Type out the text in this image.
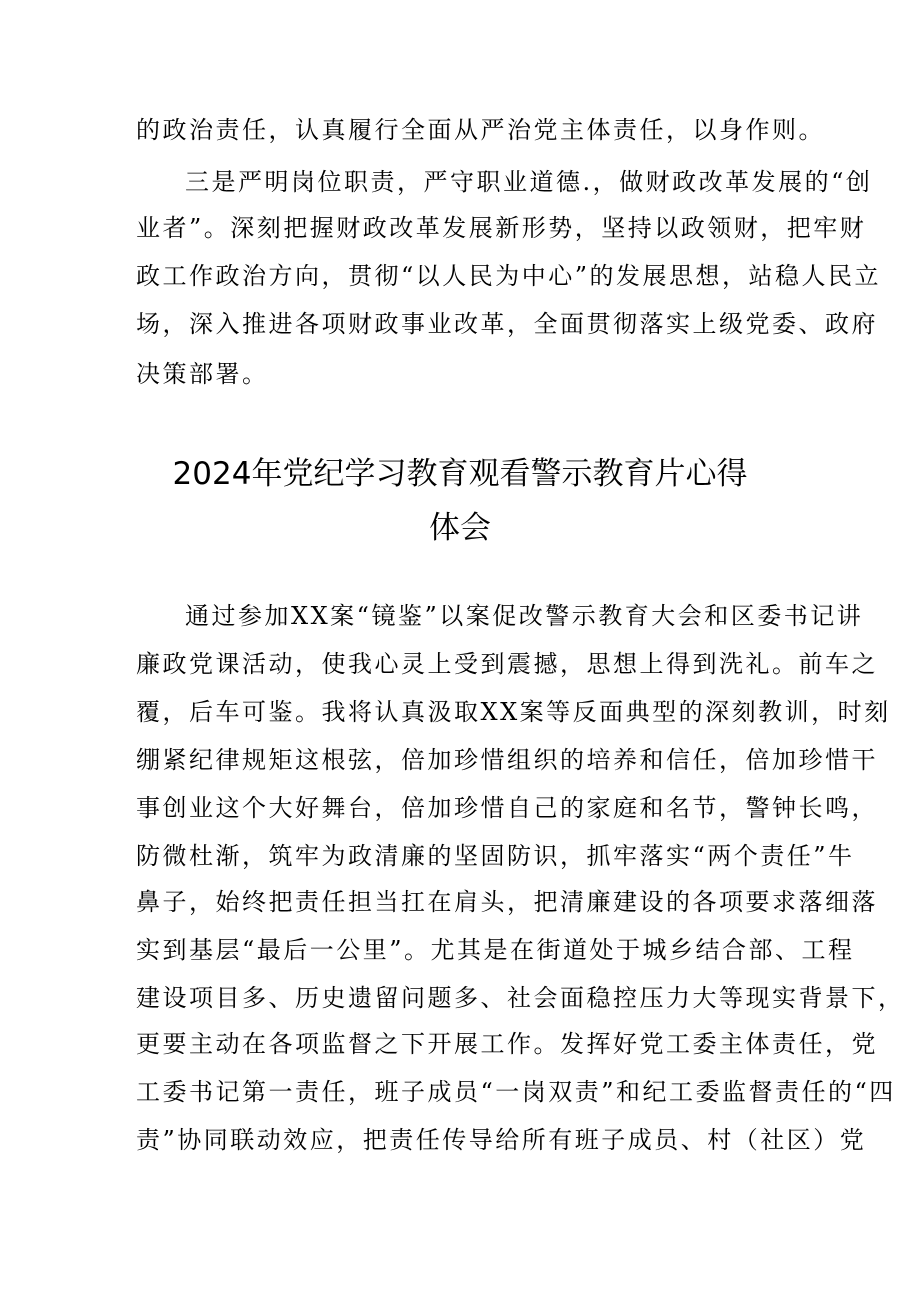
的政治责任，认真履行全面从严治党主体责任，以身作则。
三是严明岗位职责，严守职业道德.，做财政改革发展的“创
业者”。深刻把握财政改革发展新形势，坚持以政领财，把牢财
政工作政治方向，贯彻“以人民为中心”的发展思想，站稳人民立
场，深入推进各项财政事业改革，全面贯彻落实上级党委、政府
决策部署。
2024年党纪学习教育观看警示教育片心得
体会
通过参加XX案“镜鉴”以案促改警示教育大会和区委书记讲
廉政党课活动，使我心灵上受到震撼，思想上得到洗礼。前车之
覆，后车可鉴。我将认真汲取XX案等反面典型的深刻教训，时刻
绷紧纪律规矩这根弦，倍加珍惜组织的培养和信任，倍加珍惜干
事创业这个大好舞台，倍加珍惜自己的家庭和名节，警钟长鸣，
防微杜渐，筑牢为政清廉的坚固防识，抓牢落实“两个责任”牛
鼻子，始终把责任担当扛在肩头，把清廉建设的各项要求落细落
实到基层“最后一公里”。尤其是在街道处于城乡结合部、工程
建设项目多、历史遗留问题多、社会面稳控压力大等现实背景下，
更要主动在各项监督之下开展工作。发挥好党工委主体责任，党
工委书记第一责任，班子成员“一岗双责”和纪工委监督责任的“四
责”协同联动效应，把责任传导给所有班子成员、村（社区）党
